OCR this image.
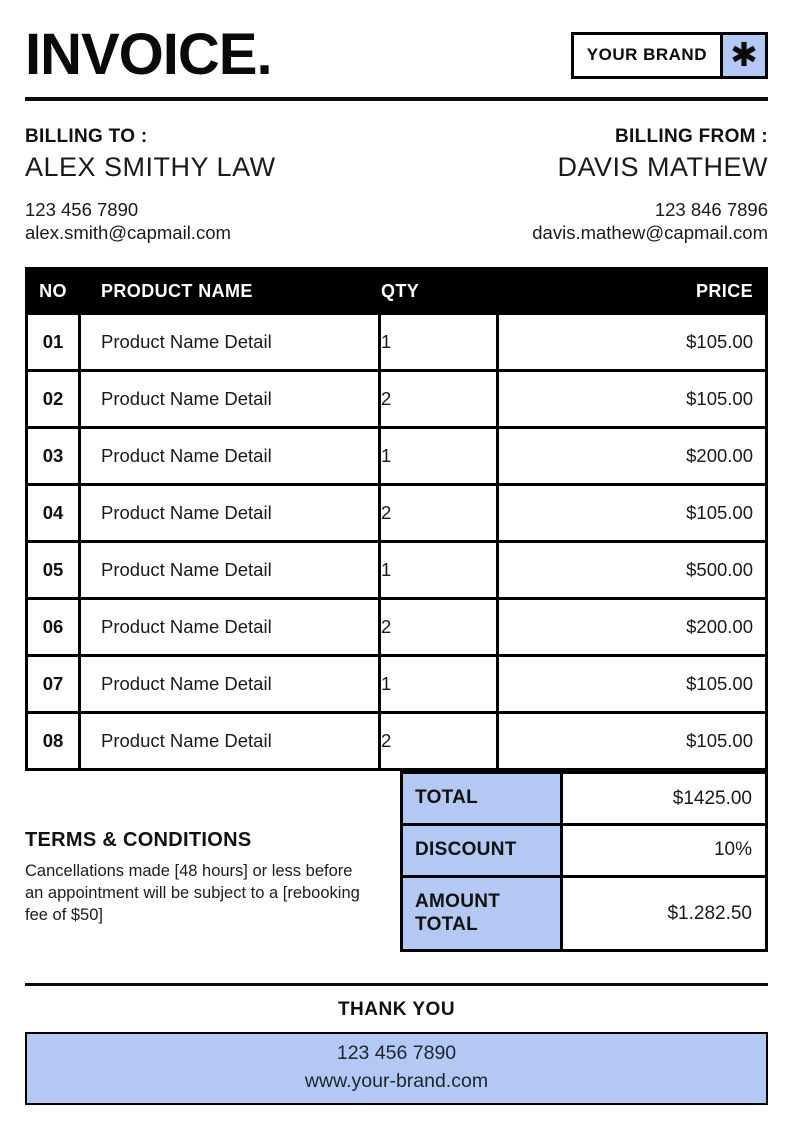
INVOICE.	YOUR BRAND ✱
BILLING TO :
ALEX SMITHY LAW
123 456 7890
alex.smith@capmail.com
BILLING FROM :
DAVIS MATHEW
123 846 7896
davis.mathew@capmail.com
NO	PRODUCT NAME	QTY	PRICE
01	Product Name Detail	1	$105.00
02	Product Name Detail	2	$105.00
03	Product Name Detail	1	$200.00
04	Product Name Detail	2	$105.00
05	Product Name Detail	1	$500.00
06	Product Name Detail	2	$200.00
07	Product Name Detail	1	$105.00
08	Product Name Detail	2	$105.00
TERMS & CONDITIONS
Cancellations made [48 hours] or less before an appointment will be subject to a [rebooking fee of $50]
TOTAL	$1425.00
DISCOUNT	10%
AMOUNT TOTAL	$1.282.50
THANK YOU
123 456 7890
www.your-brand.com
